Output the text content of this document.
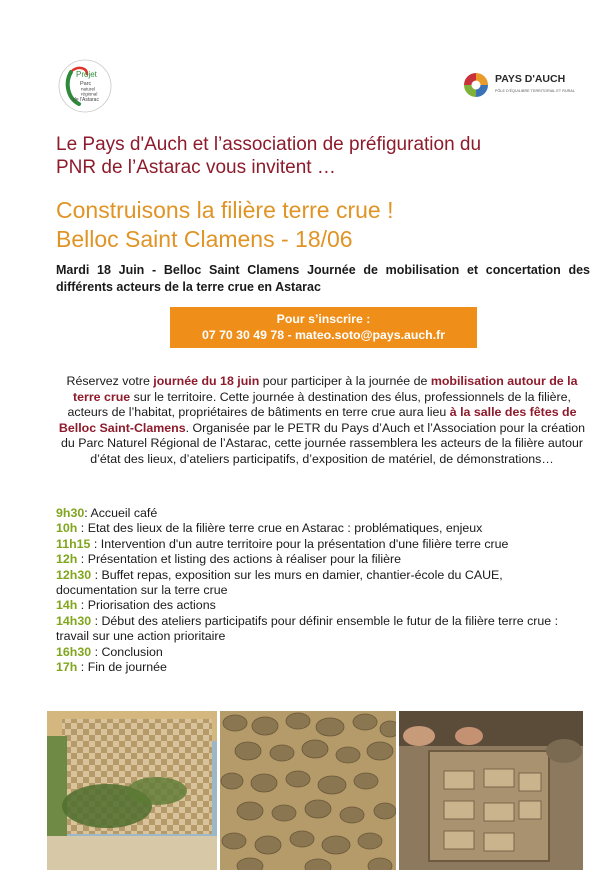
Projet
Parc
naturel
régional
de l'Astarac
PAYS D'AUCH
PÔLE D'ÉQUILIBRE TERRITORIAL ET RURAL
Le Pays d'Auch et l’association de préfiguration du
PNR de l’Astarac vous invitent …
Construisons la filière terre crue !
Belloc Saint Clamens - 18/06
Mardi 18 Juin - Belloc Saint Clamens Journée de mobilisation et concertation des différents acteurs de la terre crue en Astarac
Pour s’inscrire :
07 70 30 49 78 - mateo.soto@pays.auch.fr
Réservez votre journée du 18 juin pour participer à la journée de mobilisation autour de la terre crue sur le territoire. Cette journée à destination des élus, professionnels de la filière, acteurs de l’habitat, propriétaires de bâtiments en terre crue aura lieu à la salle des fêtes de Belloc Saint-Clamens. Organisée par le PETR du Pays d’Auch et l’Association pour la création du Parc Naturel Régional de l’Astarac, cette journée rassemblera les acteurs de la filière autour d’état des lieux, d’ateliers participatifs, d’exposition de matériel, de démonstrations…
9h30: Accueil café
10h : Etat des lieux de la filière terre crue en Astarac : problématiques, enjeux
11h15 : Intervention d'un autre territoire pour la présentation d'une filière terre crue
12h : Présentation et listing des actions à réaliser pour la filière
12h30 : Buffet repas, exposition sur les murs en damier, chantier-école du CAUE, documentation sur la terre crue
14h : Priorisation des actions
14h30 : Début des ateliers participatifs pour définir ensemble le futur de la filière terre crue : travail sur une action prioritaire
16h30 : Conclusion
17h : Fin de journée
